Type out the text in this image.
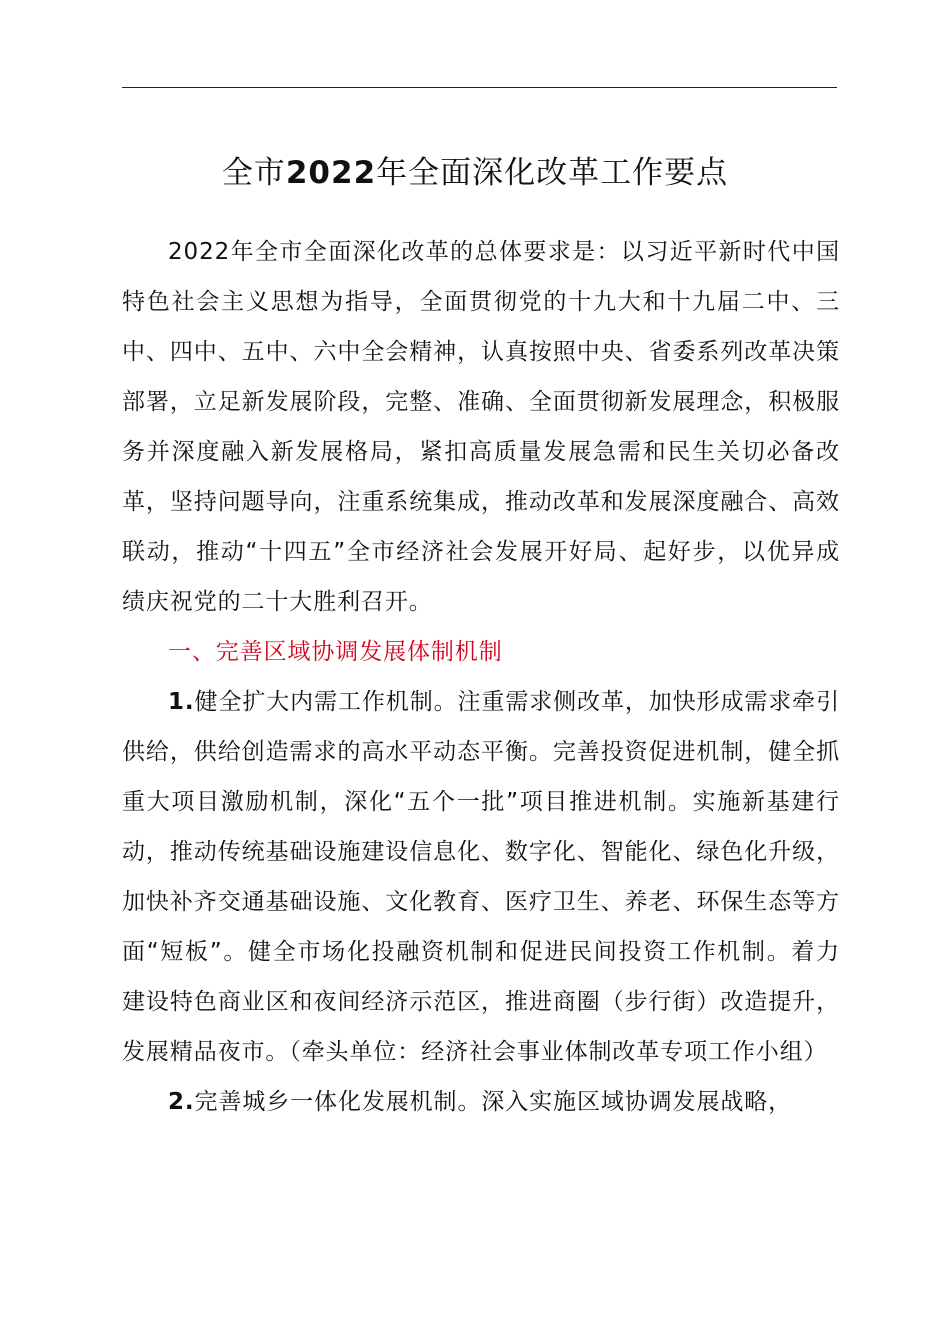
全市2022年全面深化改革工作要点

2022年全市全面深化改革的总体要求是：以习近平新时代中国特色社会主义思想为指导，全面贯彻党的十九大和十九届二中、三中、四中、五中、六中全会精神，认真按照中央、省委系列改革决策部署，立足新发展阶段，完整、准确、全面贯彻新发展理念，积极服务并深度融入新发展格局，紧扣高质量发展急需和民生关切必备改革，坚持问题导向，注重系统集成，推动改革和发展深度融合、高效联动，推动“十四五”全市经济社会发展开好局、起好步，以优异成绩庆祝党的二十大胜利召开。

一、完善区域协调发展体制机制

1.健全扩大内需工作机制。注重需求侧改革，加快形成需求牵引供给，供给创造需求的高水平动态平衡。完善投资促进机制，健全抓重大项目激励机制，深化“五个一批”项目推进机制。实施新基建行动，推动传统基础设施建设信息化、数字化、智能化、绿色化升级，加快补齐交通基础设施、文化教育、医疗卫生、养老、环保生态等方面“短板”。健全市场化投融资机制和促进民间投资工作机制。着力建设特色商业区和夜间经济示范区，推进商圈（步行街）改造提升，发展精品夜市。（牵头单位：经济社会事业体制改革专项工作小组）

2.完善城乡一体化发展机制。深入实施区域协调发展战略，
